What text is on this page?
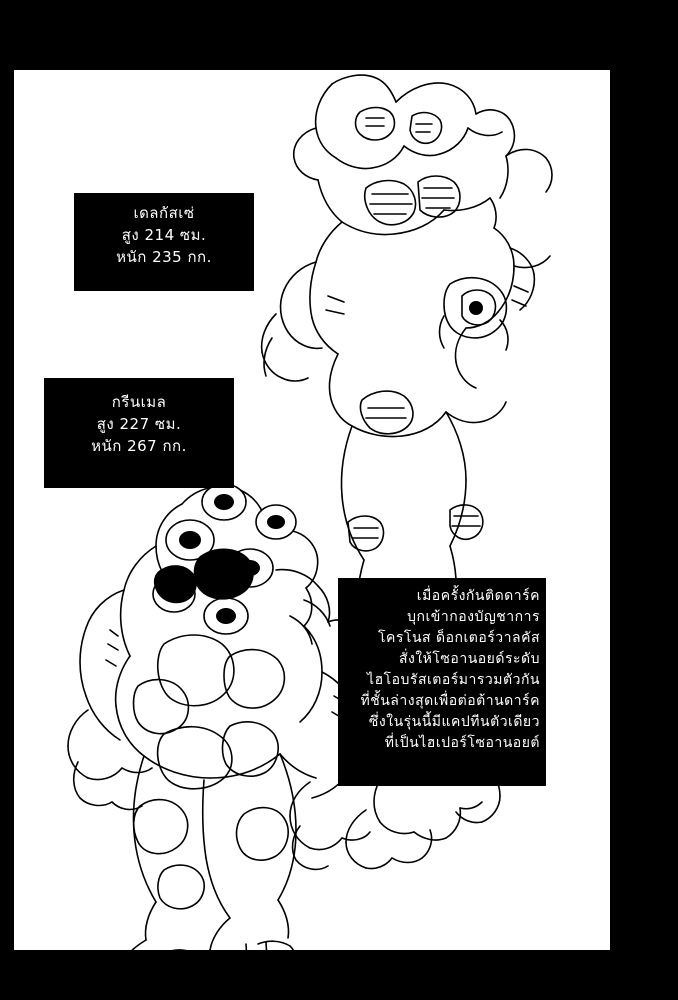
เดลกัสเซ่
สูง 214 ซม.
หนัก 235 กก.
กรีนเมล
สูง 227 ซม.
หนัก 267 กก.
เมื่อครั้งกันติดดาร์ค
บุกเข้ากองบัญชาการ
โครโนส ด็อกเตอร์วาลคัส
สั่งให้โซอานอยด์ระดับ
ไฮโอบรัสเตอร์มารวมตัวกัน
ที่ชั้นล่างสุดเพื่อต่อต้านดาร์ค
ซึ่งในรุ่นนี้มีแคปทีนตัวเดียว
ที่เป็นไฮเปอร์โซอานอยต์
